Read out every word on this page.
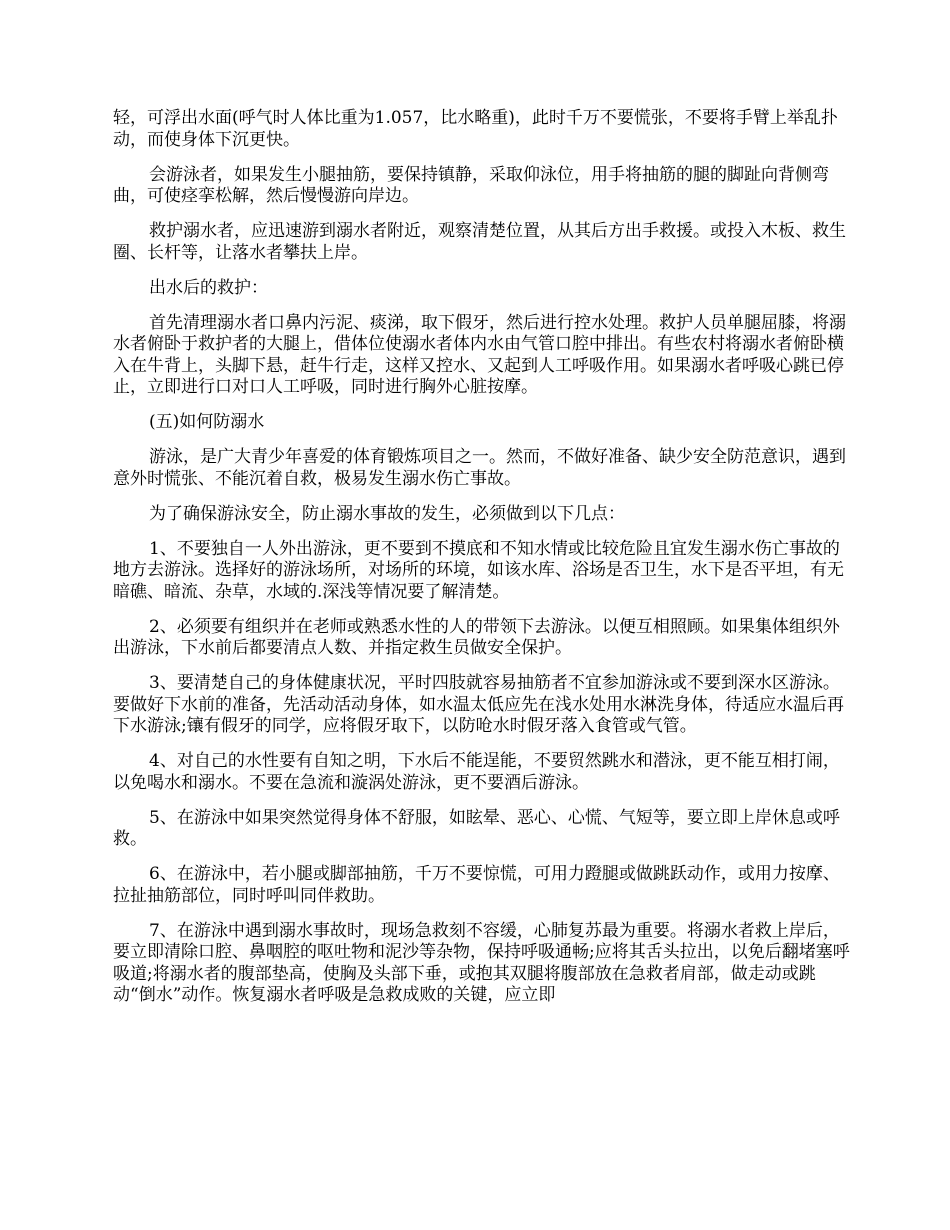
轻，可浮出水面(呼气时人体比重为1.057，比水略重)，此时千万不要慌张，不要将手臂上举乱扑动，而使身体下沉更快。

会游泳者，如果发生小腿抽筋，要保持镇静，采取仰泳位，用手将抽筋的腿的脚趾向背侧弯曲，可使痉挛松解，然后慢慢游向岸边。

救护溺水者，应迅速游到溺水者附近，观察清楚位置，从其后方出手救援。或投入木板、救生圈、长杆等，让落水者攀扶上岸。

出水后的救护：

首先清理溺水者口鼻内污泥、痰涕，取下假牙，然后进行控水处理。救护人员单腿屈膝，将溺水者俯卧于救护者的大腿上，借体位使溺水者体内水由气管口腔中排出。有些农村将溺水者俯卧横入在牛背上，头脚下悬，赶牛行走，这样又控水、又起到人工呼吸作用。如果溺水者呼吸心跳已停止，立即进行口对口人工呼吸，同时进行胸外心脏按摩。

(五)如何防溺水

游泳，是广大青少年喜爱的体育锻炼项目之一。然而，不做好准备、缺少安全防范意识，遇到意外时慌张、不能沉着自救，极易发生溺水伤亡事故。

为了确保游泳安全，防止溺水事故的发生，必须做到以下几点：

1、不要独自一人外出游泳，更不要到不摸底和不知水情或比较危险且宜发生溺水伤亡事故的地方去游泳。选择好的游泳场所，对场所的环境，如该水库、浴场是否卫生，水下是否平坦，有无暗礁、暗流、杂草，水域的.深浅等情况要了解清楚。

2、必须要有组织并在老师或熟悉水性的人的带领下去游泳。以便互相照顾。如果集体组织外出游泳，下水前后都要清点人数、并指定救生员做安全保护。

3、要清楚自己的身体健康状况，平时四肢就容易抽筋者不宜参加游泳或不要到深水区游泳。要做好下水前的准备，先活动活动身体，如水温太低应先在浅水处用水淋洗身体，待适应水温后再下水游泳;镶有假牙的同学，应将假牙取下，以防呛水时假牙落入食管或气管。

4、对自己的水性要有自知之明，下水后不能逞能，不要贸然跳水和潜泳，更不能互相打闹，以免喝水和溺水。不要在急流和漩涡处游泳，更不要酒后游泳。

5、在游泳中如果突然觉得身体不舒服，如眩晕、恶心、心慌、气短等，要立即上岸休息或呼救。

6、在游泳中，若小腿或脚部抽筋，千万不要惊慌，可用力蹬腿或做跳跃动作，或用力按摩、拉扯抽筋部位，同时呼叫同伴救助。

7、在游泳中遇到溺水事故时，现场急救刻不容缓，心肺复苏最为重要。将溺水者救上岸后，要立即清除口腔、鼻咽腔的呕吐物和泥沙等杂物，保持呼吸通畅;应将其舌头拉出，以免后翻堵塞呼吸道;将溺水者的腹部垫高，使胸及头部下垂，或抱其双腿将腹部放在急救者肩部，做走动或跳动“倒水”动作。恢复溺水者呼吸是急救成败的关键，应立即
